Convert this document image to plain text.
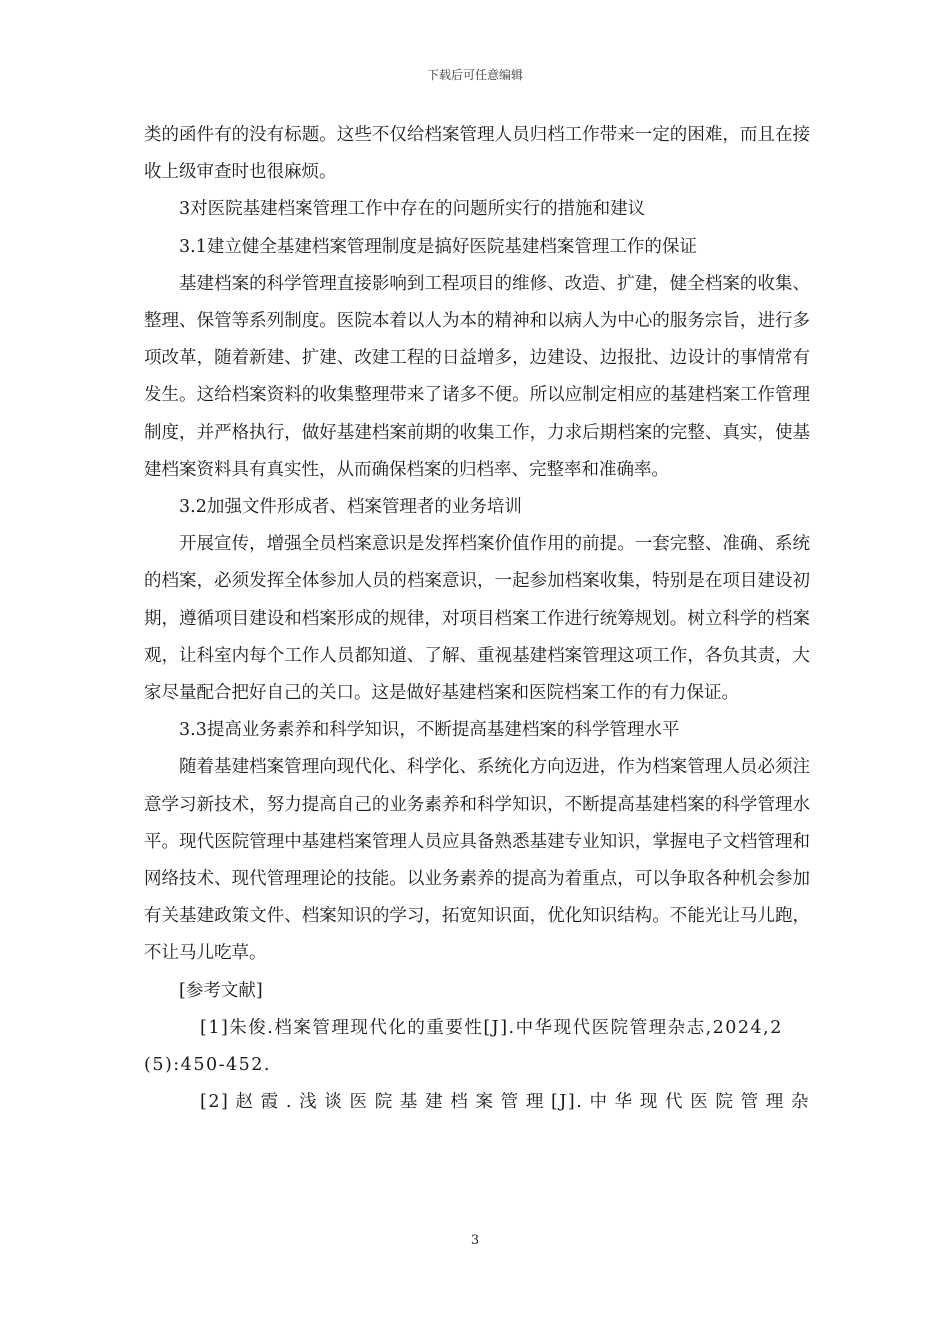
下载后可任意编辑

类的函件有的没有标题。这些不仅给档案管理人员归档工作带来一定的困难，而且在接收上级审查时也很麻烦。

3对医院基建档案管理工作中存在的问题所实行的措施和建议

3.1建立健全基建档案管理制度是搞好医院基建档案管理工作的保证

基建档案的科学管理直接影响到工程项目的维修、改造、扩建，健全档案的收集、整理、保管等系列制度。医院本着以人为本的精神和以病人为中心的服务宗旨，进行多项改革，随着新建、扩建、改建工程的日益增多，边建设、边报批、边设计的事情常有发生。这给档案资料的收集整理带来了诸多不便。所以应制定相应的基建档案工作管理制度，并严格执行，做好基建档案前期的收集工作，力求后期档案的完整、真实，使基建档案资料具有真实性，从而确保档案的归档率、完整率和准确率。

3.2加强文件形成者、档案管理者的业务培训

开展宣传，增强全员档案意识是发挥档案价值作用的前提。一套完整、准确、系统的档案，必须发挥全体参加人员的档案意识，一起参加档案收集，特别是在项目建设初期，遵循项目建设和档案形成的规律，对项目档案工作进行统筹规划。树立科学的档案观，让科室内每个工作人员都知道、了解、重视基建档案管理这项工作，各负其责，大家尽量配合把好自己的关口。这是做好基建档案和医院档案工作的有力保证。

3.3提高业务素养和科学知识，不断提高基建档案的科学管理水平

随着基建档案管理向现代化、科学化、系统化方向迈进，作为档案管理人员必须注意学习新技术，努力提高自己的业务素养和科学知识，不断提高基建档案的科学管理水平。现代医院管理中基建档案管理人员应具备熟悉基建专业知识，掌握电子文档管理和网络技术、现代管理理论的技能。以业务素养的提高为着重点，可以争取各种机会参加有关基建政策文件、档案知识的学习，拓宽知识面，优化知识结构。不能光让马儿跑，不让马儿吃草。

[参考文献]

[1]朱俊.档案管理现代化的重要性[J].中华现代医院管理杂志,2024,2(5):450-452.

[2]赵霞.浅谈医院基建档案管理[J].中华现代医院管理杂

3
